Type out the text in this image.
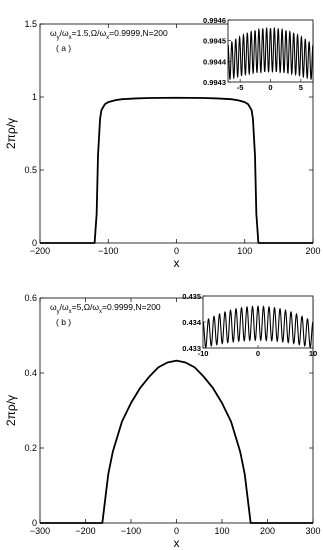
−200	−100	0	100	200
0
0.5
1
1.5
x
2πρ/γ
$\omega_y/\omega_x=1.5,\Omega/\omega_x=0.9999,N=200$
( a )
-5	0	5
0.9943
0.9944
0.9945
0.9946
−300	−200	−100	0	100	200	300
0
0.2
0.4
0.6
x
2πρ/γ
$\omega_y/\omega_x=5,\Omega/\omega_x=0.9999,N=200$
( b )
-10	0	10
0.433
0.434
0.435
